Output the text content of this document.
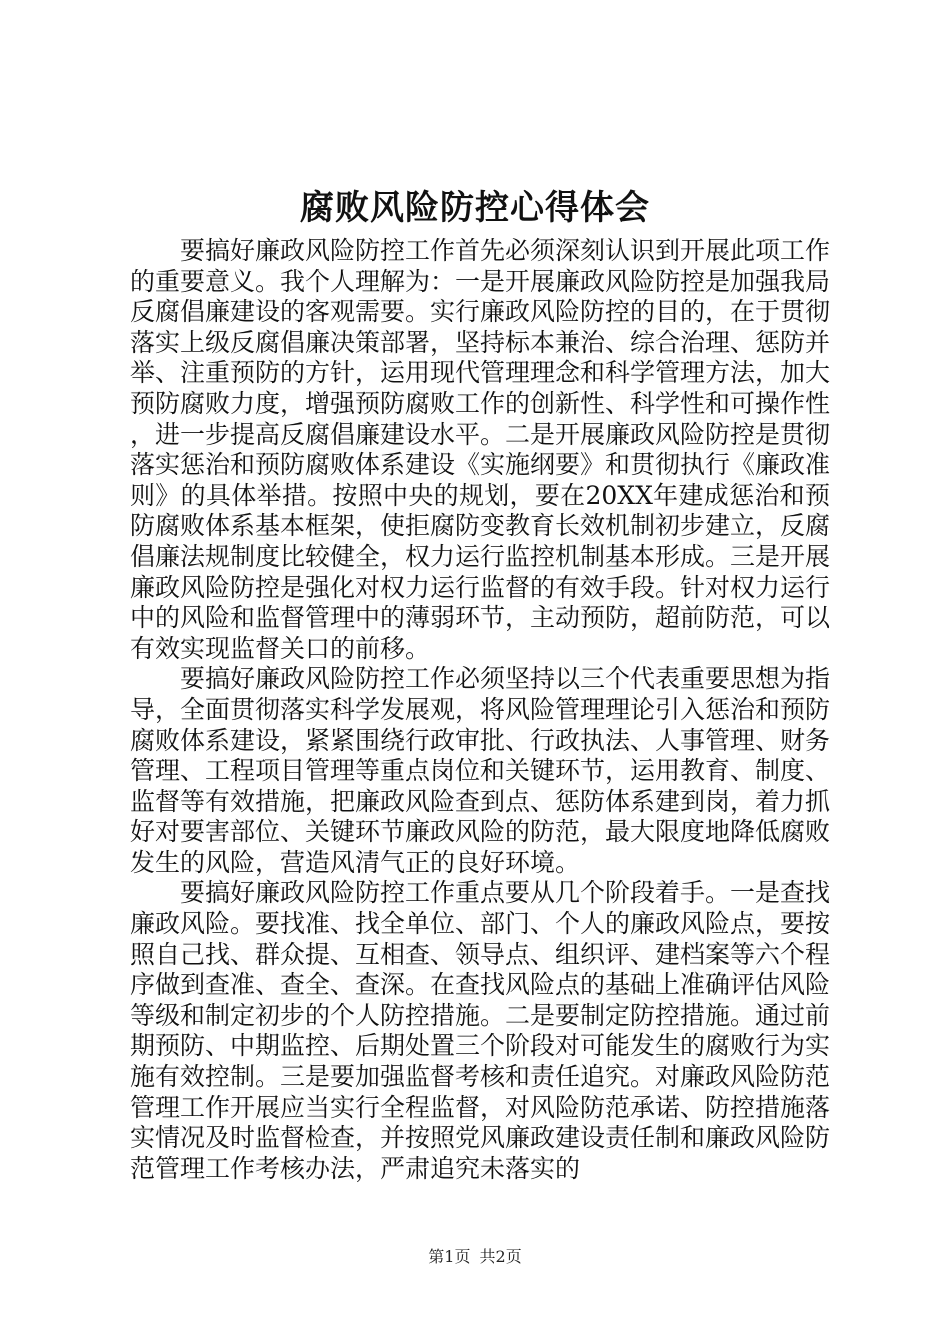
腐败风险防控心得体会

要搞好廉政风险防控工作首先必须深刻认识到开展此项工作的重要意义。我个人理解为：一是开展廉政风险防控是加强我局反腐倡廉建设的客观需要。实行廉政风险防控的目的，在于贯彻落实上级反腐倡廉决策部署，坚持标本兼治、综合治理、惩防并举、注重预防的方针，运用现代管理理念和科学管理方法，加大预防腐败力度，增强预防腐败工作的创新性、科学性和可操作性，进一步提高反腐倡廉建设水平。二是开展廉政风险防控是贯彻落实惩治和预防腐败体系建设《实施纲要》和贯彻执行《廉政准则》的具体举措。按照中央的规划，要在20XX年建成惩治和预防腐败体系基本框架，使拒腐防变教育长效机制初步建立，反腐倡廉法规制度比较健全，权力运行监控机制基本形成。三是开展廉政风险防控是强化对权力运行监督的有效手段。针对权力运行中的风险和监督管理中的薄弱环节，主动预防，超前防范，可以有效实现监督关口的前移。

要搞好廉政风险防控工作必须坚持以三个代表重要思想为指导，全面贯彻落实科学发展观，将风险管理理论引入惩治和预防腐败体系建设，紧紧围绕行政审批、行政执法、人事管理、财务管理、工程项目管理等重点岗位和关键环节，运用教育、制度、监督等有效措施，把廉政风险查到点、惩防体系建到岗，着力抓好对要害部位、关键环节廉政风险的防范，最大限度地降低腐败发生的风险，营造风清气正的良好环境。

要搞好廉政风险防控工作重点要从几个阶段着手。一是查找廉政风险。要找准、找全单位、部门、个人的廉政风险点，要按照自己找、群众提、互相查、领导点、组织评、建档案等六个程序做到查准、查全、查深。在查找风险点的基础上准确评估风险等级和制定初步的个人防控措施。二是要制定防控措施。通过前期预防、中期监控、后期处置三个阶段对可能发生的腐败行为实施有效控制。三是要加强监督考核和责任追究。对廉政风险防范管理工作开展应当实行全程监督，对风险防范承诺、防控措施落实情况及时监督检查，并按照党风廉政建设责任制和廉政风险防范管理工作考核办法，严肃追究未落实的

第1页 共2页
